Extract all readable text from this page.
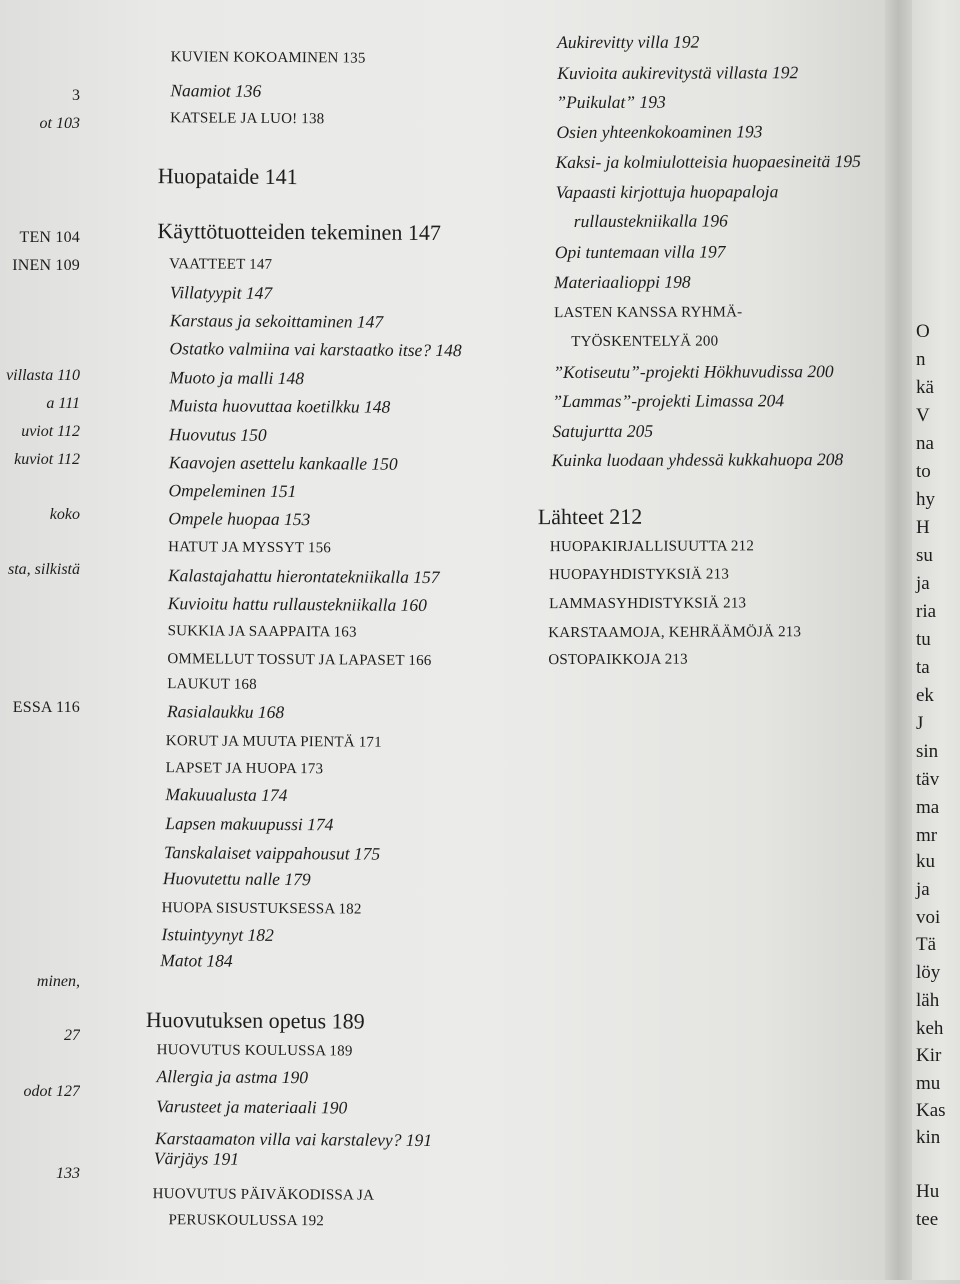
O
n
kä
V
na
to
hy
H
su
ja
ria
tu
ta
ek
J
sin
täv
ma
mr
ku
ja
voi
Tä
löy
läh
keh
Kir
mu
Kas
kin
Hu
tee
3
ot 103
TEN 104
INEN 109
villasta 110
a 111
uviot 112
kuviot 112
koko
sta, silkistä
ESSA 116
minen,
27
odot 127
133
KUVIEN KOKOAMINEN 135
Naamiot 136
KATSELE JA LUO! 138
Huopataide 141
Käyttötuotteiden tekeminen 147
VAATTEET 147
Villatyypit 147
Karstaus ja sekoittaminen 147
Ostatko valmiina vai karstaatko itse? 148
Muoto ja malli 148
Muista huovuttaa koetilkku 148
Huovutus 150
Kaavojen asettelu kankaalle 150
Ompeleminen 151
Ompele huopaa 153
HATUT JA MYSSYT 156
Kalastajahattu hierontatekniikalla 157
Kuvioitu hattu rullaustekniikalla 160
SUKKIA JA SAAPPAITA 163
OMMELLUT TOSSUT JA LAPASET 166
LAUKUT 168
Rasialaukku 168
KORUT JA MUUTA PIENTÄ 171
LAPSET JA HUOPA 173
Makuualusta 174
Lapsen makuupussi 174
Tanskalaiset vaippahousut 175
Huovutettu nalle 179
HUOPA SISUSTUKSESSA 182
Istuintyynyt 182
Matot 184
Huovutuksen opetus 189
HUOVUTUS KOULUSSA 189
Allergia ja astma 190
Varusteet ja materiaali 190
Karstaamaton villa vai karstalevy? 191
Värjäys 191
HUOVUTUS PÄIVÄKODISSA JA
PERUSKOULUSSA 192
Aukirevitty villa 192
Kuvioita aukirevitystä villasta 192
”Puikulat” 193
Osien yhteenkokoaminen 193
Kaksi- ja kolmiulotteisia huopaesineitä 195
Vapaasti kirjottuja huopapaloja
rullaustekniikalla 196
Opi tuntemaan villa 197
Materiaalioppi 198
LASTEN KANSSA RYHMÄ-
TYÖSKENTELYÄ 200
”Kotiseutu”-projekti Hökhuvudissa 200
”Lammas”-projekti Limassa 204
Satujurtta 205
Kuinka luodaan yhdessä kukkahuopa 208
Lähteet 212
HUOPAKIRJALLISUUTTA 212
HUOPAYHDISTYKSIÄ 213
LAMMASYHDISTYKSIÄ 213
KARSTAAMOJA, KEHRÄÄMÖJÄ 213
OSTOPAIKKOJA 213
